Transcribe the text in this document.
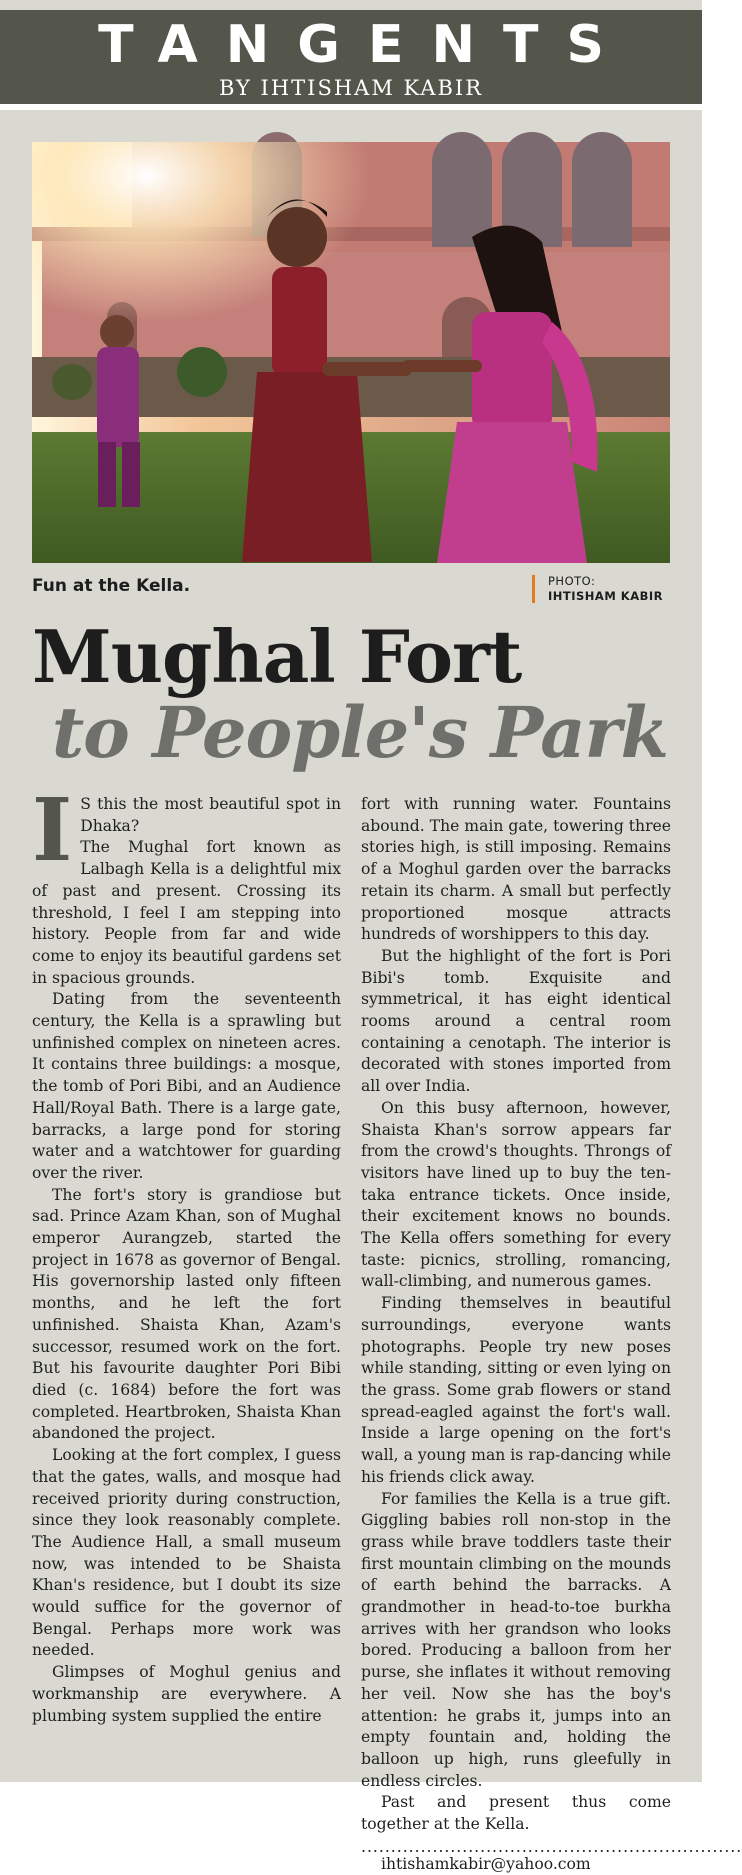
TANGENTS
BY IHTISHAM KABIR
Fun at the Kella.	PHOTO:
IHTISHAM KABIR
Mughal Fort
to People's Park

I S this the most beautiful spot in Dhaka?

The Mughal fort known as Lalbagh Kella is a delightful mix of past and present. Crossing its threshold, I feel I am stepping into history. People from far and wide come to enjoy its beautiful gardens set in spacious grounds.

Dating from the seventeenth century, the Kella is a sprawling but unfinished complex on nineteen acres. It contains three buildings: a mosque, the tomb of Pori Bibi, and an Audience Hall/Royal Bath. There is a large gate, barracks, a large pond for storing water and a watchtower for guarding over the river.

The fort's story is grandiose but sad. Prince Azam Khan, son of Mughal emperor Aurangzeb, started the project in 1678 as governor of Bengal. His governorship lasted only fifteen months, and he left the fort unfinished. Shaista Khan, Azam's successor, resumed work on the fort. But his favourite daughter Pori Bibi died (c. 1684) before the fort was completed. Heartbroken, Shaista Khan abandoned the project.

Looking at the fort complex, I guess that the gates, walls, and mosque had received priority during construction, since they look reasonably complete. The Audience Hall, a small museum now, was intended to be Shaista Khan's residence, but I doubt its size would suffice for the governor of Bengal. Perhaps more work was needed.

Glimpses of Moghul genius and workmanship are everywhere. A plumbing system supplied the entire

fort with running water. Fountains abound. The main gate, towering three stories high, is still imposing. Remains of a Moghul garden over the barracks retain its charm. A small but perfectly proportioned mosque attracts hundreds of worshippers to this day.

But the highlight of the fort is Pori Bibi's tomb. Exquisite and symmetrical, it has eight identical rooms around a central room containing a cenotaph. The interior is decorated with stones imported from all over India.

On this busy afternoon, however, Shaista Khan's sorrow appears far from the crowd's thoughts. Throngs of visitors have lined up to buy the ten-taka entrance tickets. Once inside, their excitement knows no bounds. The Kella offers something for every taste: picnics, strolling, romancing, wall-climbing, and numerous games.

Finding themselves in beautiful surroundings, everyone wants photographs. People try new poses while standing, sitting or even lying on the grass. Some grab flowers or stand spread-eagled against the fort's wall. Inside a large opening on the fort's wall, a young man is rap-dancing while his friends click away.

For families the Kella is a true gift. Giggling babies roll non-stop in the grass while brave toddlers taste their first mountain climbing on the mounds of earth behind the barracks. A grandmother in head-to-toe burkha arrives with her grandson who looks bored. Producing a balloon from her purse, she inflates it without removing her veil. Now she has the boy's attention: he grabs it, jumps into an empty fountain and, holding the balloon up high, runs gleefully in endless circles.

Past and present thus come together at the Kella.

................................................................

ihtishamkabir@yahoo.com
